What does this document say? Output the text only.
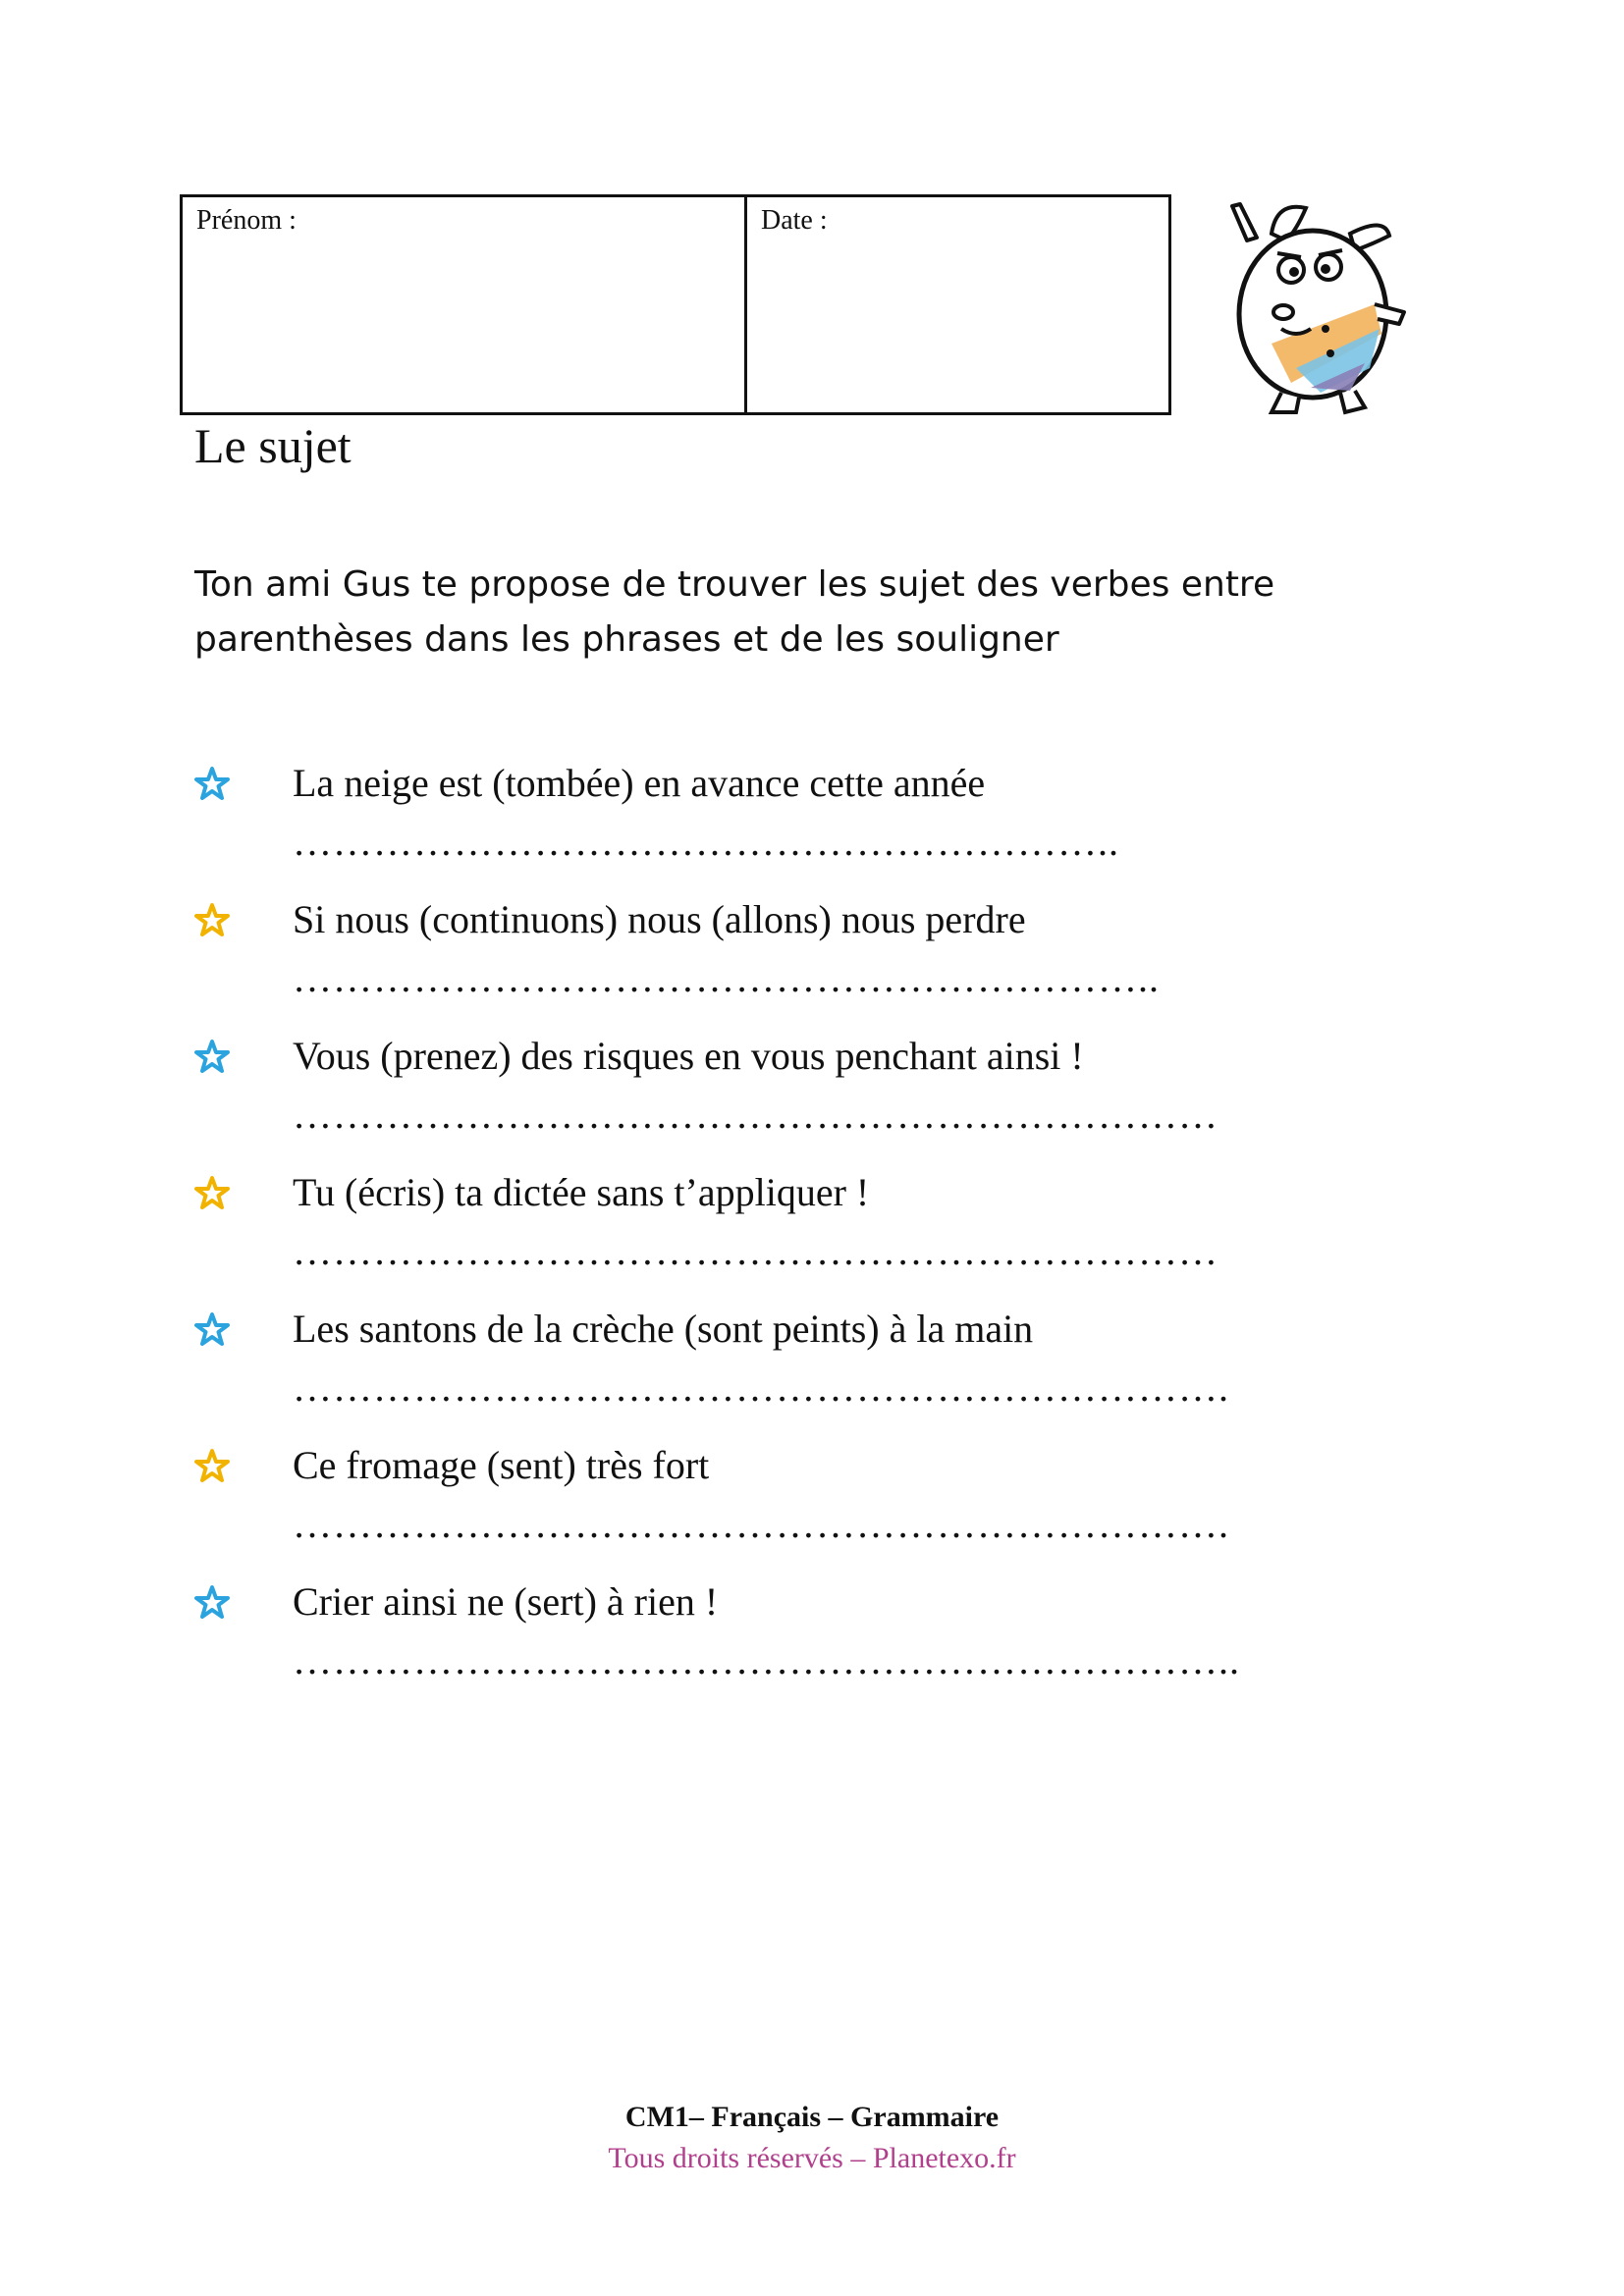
Prénom :	Date :
Le sujet

Ton ami Gus te propose de trouver les sujet des verbes entre
parenthèses dans les phrases et de les souligner

La neige est (tombée) en avance cette année
……………………………………………………..
Si nous (continuons) nous (allons) nous perdre
………………………………………………………..
Vous (prenez) des risques en vous penchant ainsi !
……………………………………………………………
Tu (écris) ta dictée sans t’appliquer !
……………………………………………………………
Les santons de la crèche (sont peints) à la main
…………………………………………………………….
Ce fromage (sent) très fort
…………………………………………………………….
Crier ainsi ne (sert) à rien !
……………………………………………………………..
CM1– Français – Grammaire
Tous droits réservés – Planetexo.fr
